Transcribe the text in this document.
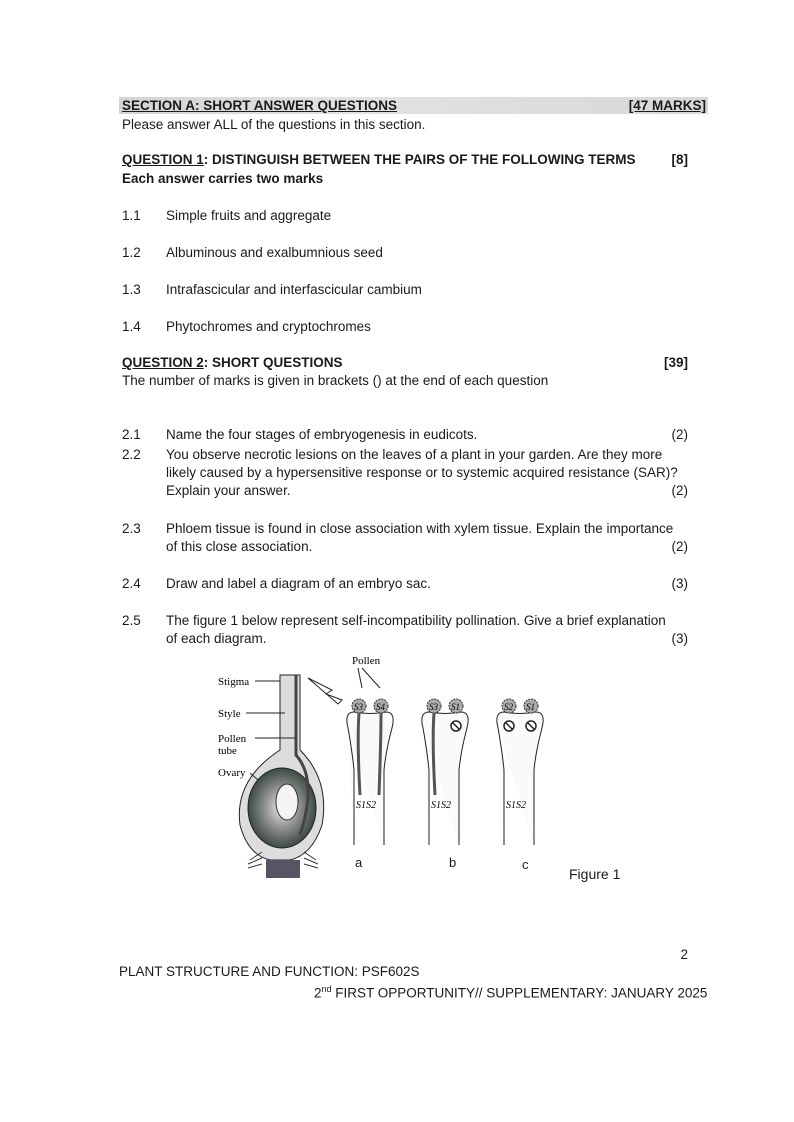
SECTION A: SHORT ANSWER QUESTIONS	[47 MARKS]
Please answer ALL of the questions in this section.
QUESTION 1: DISTINGUISH BETWEEN THE PAIRS OF THE FOLLOWING TERMS	[8]
Each answer carries two marks
1.1 Simple fruits and aggregate
1.2 Albuminous and exalbumnious seed
1.3 Intrafascicular and interfascicular cambium
1.4 Phytochromes and cryptochromes
QUESTION 2: SHORT QUESTIONS	[39]
The number of marks is given in brackets () at the end of each question
2.1 Name the four stages of embryogenesis in eudicots.	(2)
2.2 You observe necrotic lesions on the leaves of a plant in your garden. Are they more
likely caused by a hypersensitive response or to systemic acquired resistance (SAR)?
Explain your answer.	(2)
2.3 Phloem tissue is found in close association with xylem tissue. Explain the importance
of this close association.	(2)
2.4 Draw and label a diagram of an embryo sac.	(3)
2.5 The figure 1 below represent self-incompatibility pollination. Give a brief explanation
of each diagram.	(3)
Stigma
Style
Pollen
tube
Ovary
Pollen
S3 S4
S1S2
S3 S1
S1S2
S2 S1
S1S2
a	b	c
Figure 1
2
PLANT STRUCTURE AND FUNCTION: PSF602S
2nd FIRST OPPORTUNITY// SUPPLEMENTARY: JANUARY 2025
